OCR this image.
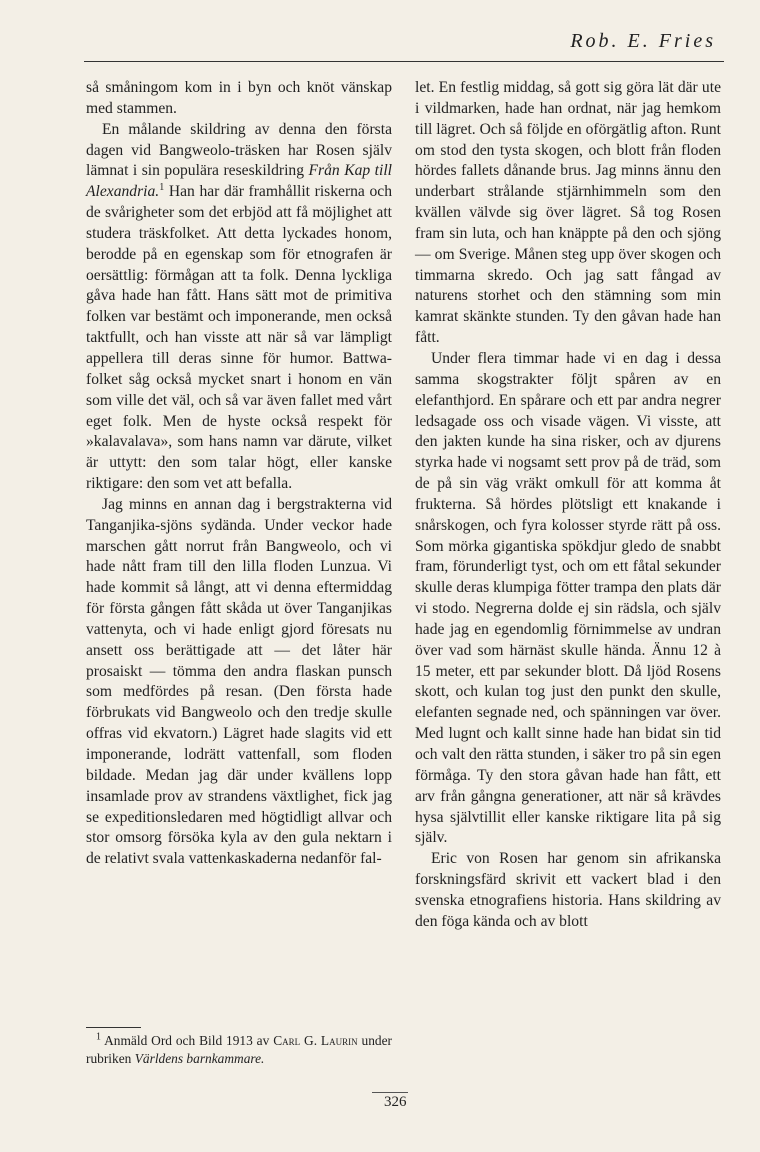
Rob. E. Fries

så småningom kom in i byn och knöt vänskap med stammen.

En målande skildring av denna den första dagen vid Bangweolo-träsken har Rosen själv lämnat i sin populära reseskildring Från Kap till Alexandria.$^1$ Han har där framhållit riskerna och de svårigheter som det erbjöd att få möjlighet att studera träskfolket. Att detta lyckades honom, berodde på en egenskap som för etnografen är oersättlig: förmågan att ta folk. Denna lyckliga gåva hade han fått. Hans sätt mot de primitiva folken var bestämt och imponerande, men också taktfullt, och han visste att när så var lämpligt appellera till deras sinne för humor. Battwa-folket såg också mycket snart i honom en vän som ville det väl, och så var även fallet med vårt eget folk. Men de hyste också respekt för »kalavalava», som hans namn var därute, vilket är uttytt: den som talar högt, eller kanske riktigare: den som vet att befalla.

Jag minns en annan dag i bergstrakterna vid Tanganjika-sjöns sydända. Under veckor hade marschen gått norrut från Bangweolo, och vi hade nått fram till den lilla floden Lunzua. Vi hade kommit så långt, att vi denna eftermiddag för första gången fått skåda ut över Tanganjikas vattenyta, och vi hade enligt gjord föresats nu ansett oss berättigade att — det låter här prosaiskt — tömma den andra flaskan punsch som medfördes på resan. (Den första hade förbrukats vid Bangweolo och den tredje skulle offras vid ekvatorn.) Lägret hade slagits vid ett imponerande, lodrätt vattenfall, som floden bildade. Medan jag där under kvällens lopp insamlade prov av strandens växtlighet, fick jag se expeditionsledaren med högtidligt allvar och stor omsorg försöka kyla av den gula nektarn i de relativt svala vattenkaskaderna nedanför fal-

let. En festlig middag, så gott sig göra lät där ute i vildmarken, hade han ordnat, när jag hemkom till lägret. Och så följde en oförgätlig afton. Runt om stod den tysta skogen, och blott från floden hördes fallets dånande brus. Jag minns ännu den underbart strålande stjärnhimmeln som den kvällen välvde sig över lägret. Så tog Rosen fram sin luta, och han knäppte på den och sjöng — om Sverige. Månen steg upp över skogen och timmarna skredo. Och jag satt fångad av naturens storhet och den stämning som min kamrat skänkte stunden. Ty den gåvan hade han fått.

Under flera timmar hade vi en dag i dessa samma skogstrakter följt spåren av en elefanthjord. En spårare och ett par andra negrer ledsagade oss och visade vägen. Vi visste, att den jakten kunde ha sina risker, och av djurens styrka hade vi nogsamt sett prov på de träd, som de på sin väg vräkt omkull för att komma åt frukterna. Så hördes plötsligt ett knakande i snårskogen, och fyra kolosser styrde rätt på oss. Som mörka gigantiska spökdjur gledo de snabbt fram, förunderligt tyst, och om ett fåtal sekunder skulle deras klumpiga fötter trampa den plats där vi stodo. Negrerna dolde ej sin rädsla, och själv hade jag en egendomlig förnimmelse av undran över vad som härnäst skulle hända. Ännu 12 à 15 meter, ett par sekunder blott. Då ljöd Rosens skott, och kulan tog just den punkt den skulle, elefanten segnade ned, och spänningen var över. Med lugnt och kallt sinne hade han bidat sin tid och valt den rätta stunden, i säker tro på sin egen förmåga. Ty den stora gåvan hade han fått, ett arv från gångna generationer, att när så krävdes hysa självtillit eller kanske riktigare lita på sig själv.

Eric von Rosen har genom sin afrikanska forskningsfärd skrivit ett vackert blad i den svenska etnografiens historia. Hans skildring av den föga kända och av blott

$^1$ Anmäld Ord och Bild 1913 av Carl G. Laurin under rubriken Världens barnkammare.
326
